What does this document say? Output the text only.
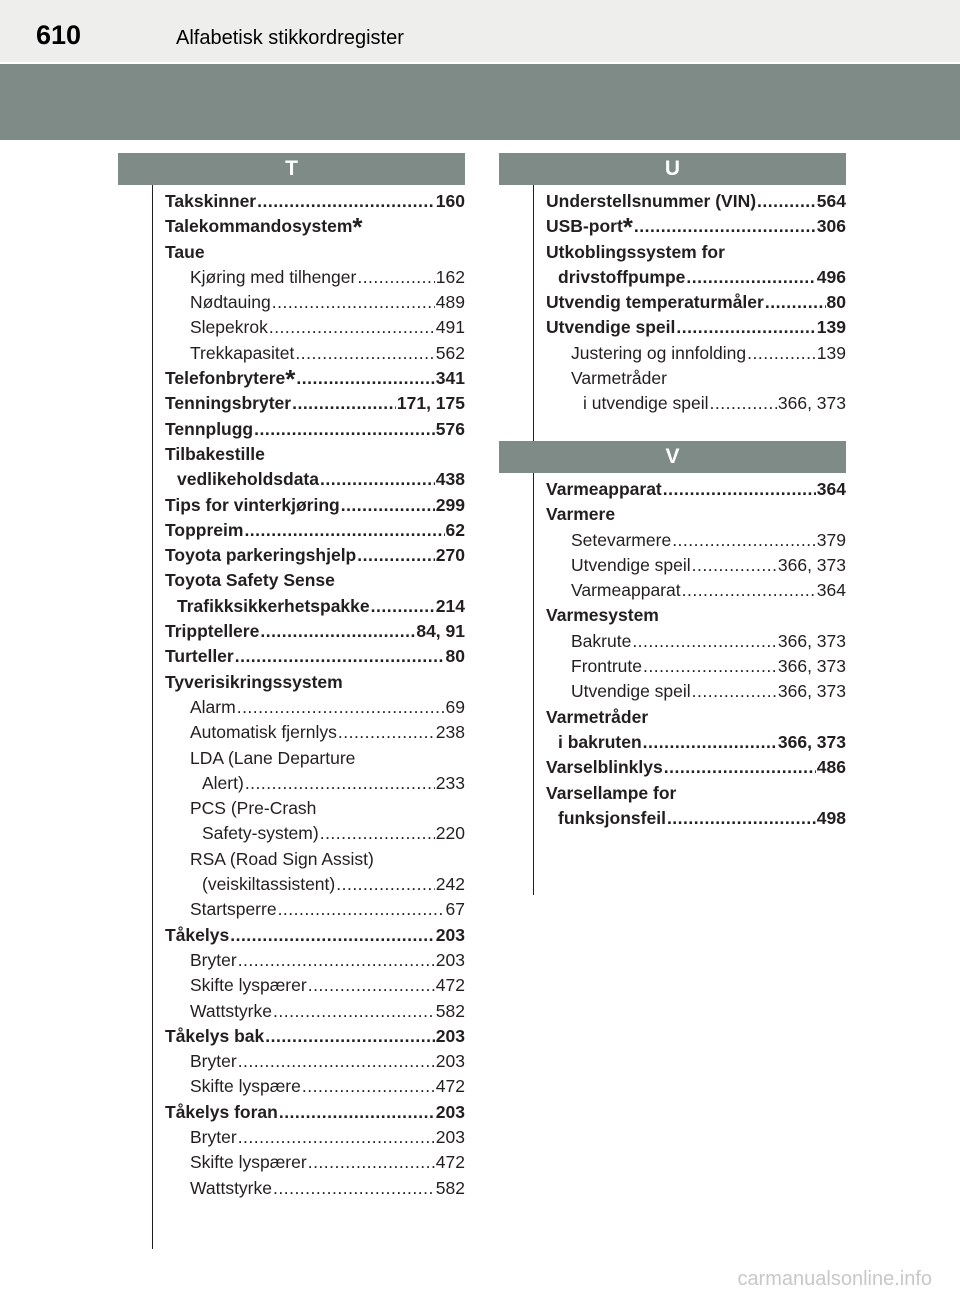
610	Alfabetisk stikkordregister
T
Takskinner .....	160
Talekommandosystem*
Taue
Kjøring med tilhenger .....	162
Nødtauing .....	489
Slepekrok .....	491
Trekkapasitet .....	562
Telefonbrytere* .....	341
Tenningsbryter .....	171, 175
Tennplugg .....	576
Tilbakestille
vedlikeholdsdata .....	438
Tips for vinterkjøring .....	299
Toppreim .....	62
Toyota parkeringshjelp .....	270
Toyota Safety Sense
Trafikksikkerhetspakke .....	214
Tripptellere .....	84, 91
Turteller .....	80
Tyverisikringssystem
Alarm .....	69
Automatisk fjernlys .....	238
LDA (Lane Departure
Alert) .....	233
PCS (Pre-Crash
Safety-system) .....	220
RSA (Road Sign Assist)
(veiskiltassistent) .....	242
Startsperre .....	67
Tåkelys .....	203
Bryter .....	203
Skifte lyspærer .....	472
Wattstyrke .....	582
Tåkelys bak .....	203
Bryter .....	203
Skifte lyspære .....	472
Tåkelys foran .....	203
Bryter .....	203
Skifte lyspærer .....	472
Wattstyrke .....	582
U
Understellsnummer (VIN) .....	564
USB-port* .....	306
Utkoblingssystem for
drivstoffpumpe .....	496
Utvendig temperaturmåler .....	80
Utvendige speil .....	139
Justering og innfolding .....	139
Varmetråder
i utvendige speil .....	366, 373
V
Varmeapparat .....	364
Varmere
Setevarmere .....	379
Utvendige speil .....	366, 373
Varmeapparat .....	364
Varmesystem
Bakrute .....	366, 373
Frontrute .....	366, 373
Utvendige speil .....	366, 373
Varmetråder
i bakruten .....	366, 373
Varselblinklys .....	486
Varsellampe for
funksjonsfeil .....	498
carmanualsonline.info
